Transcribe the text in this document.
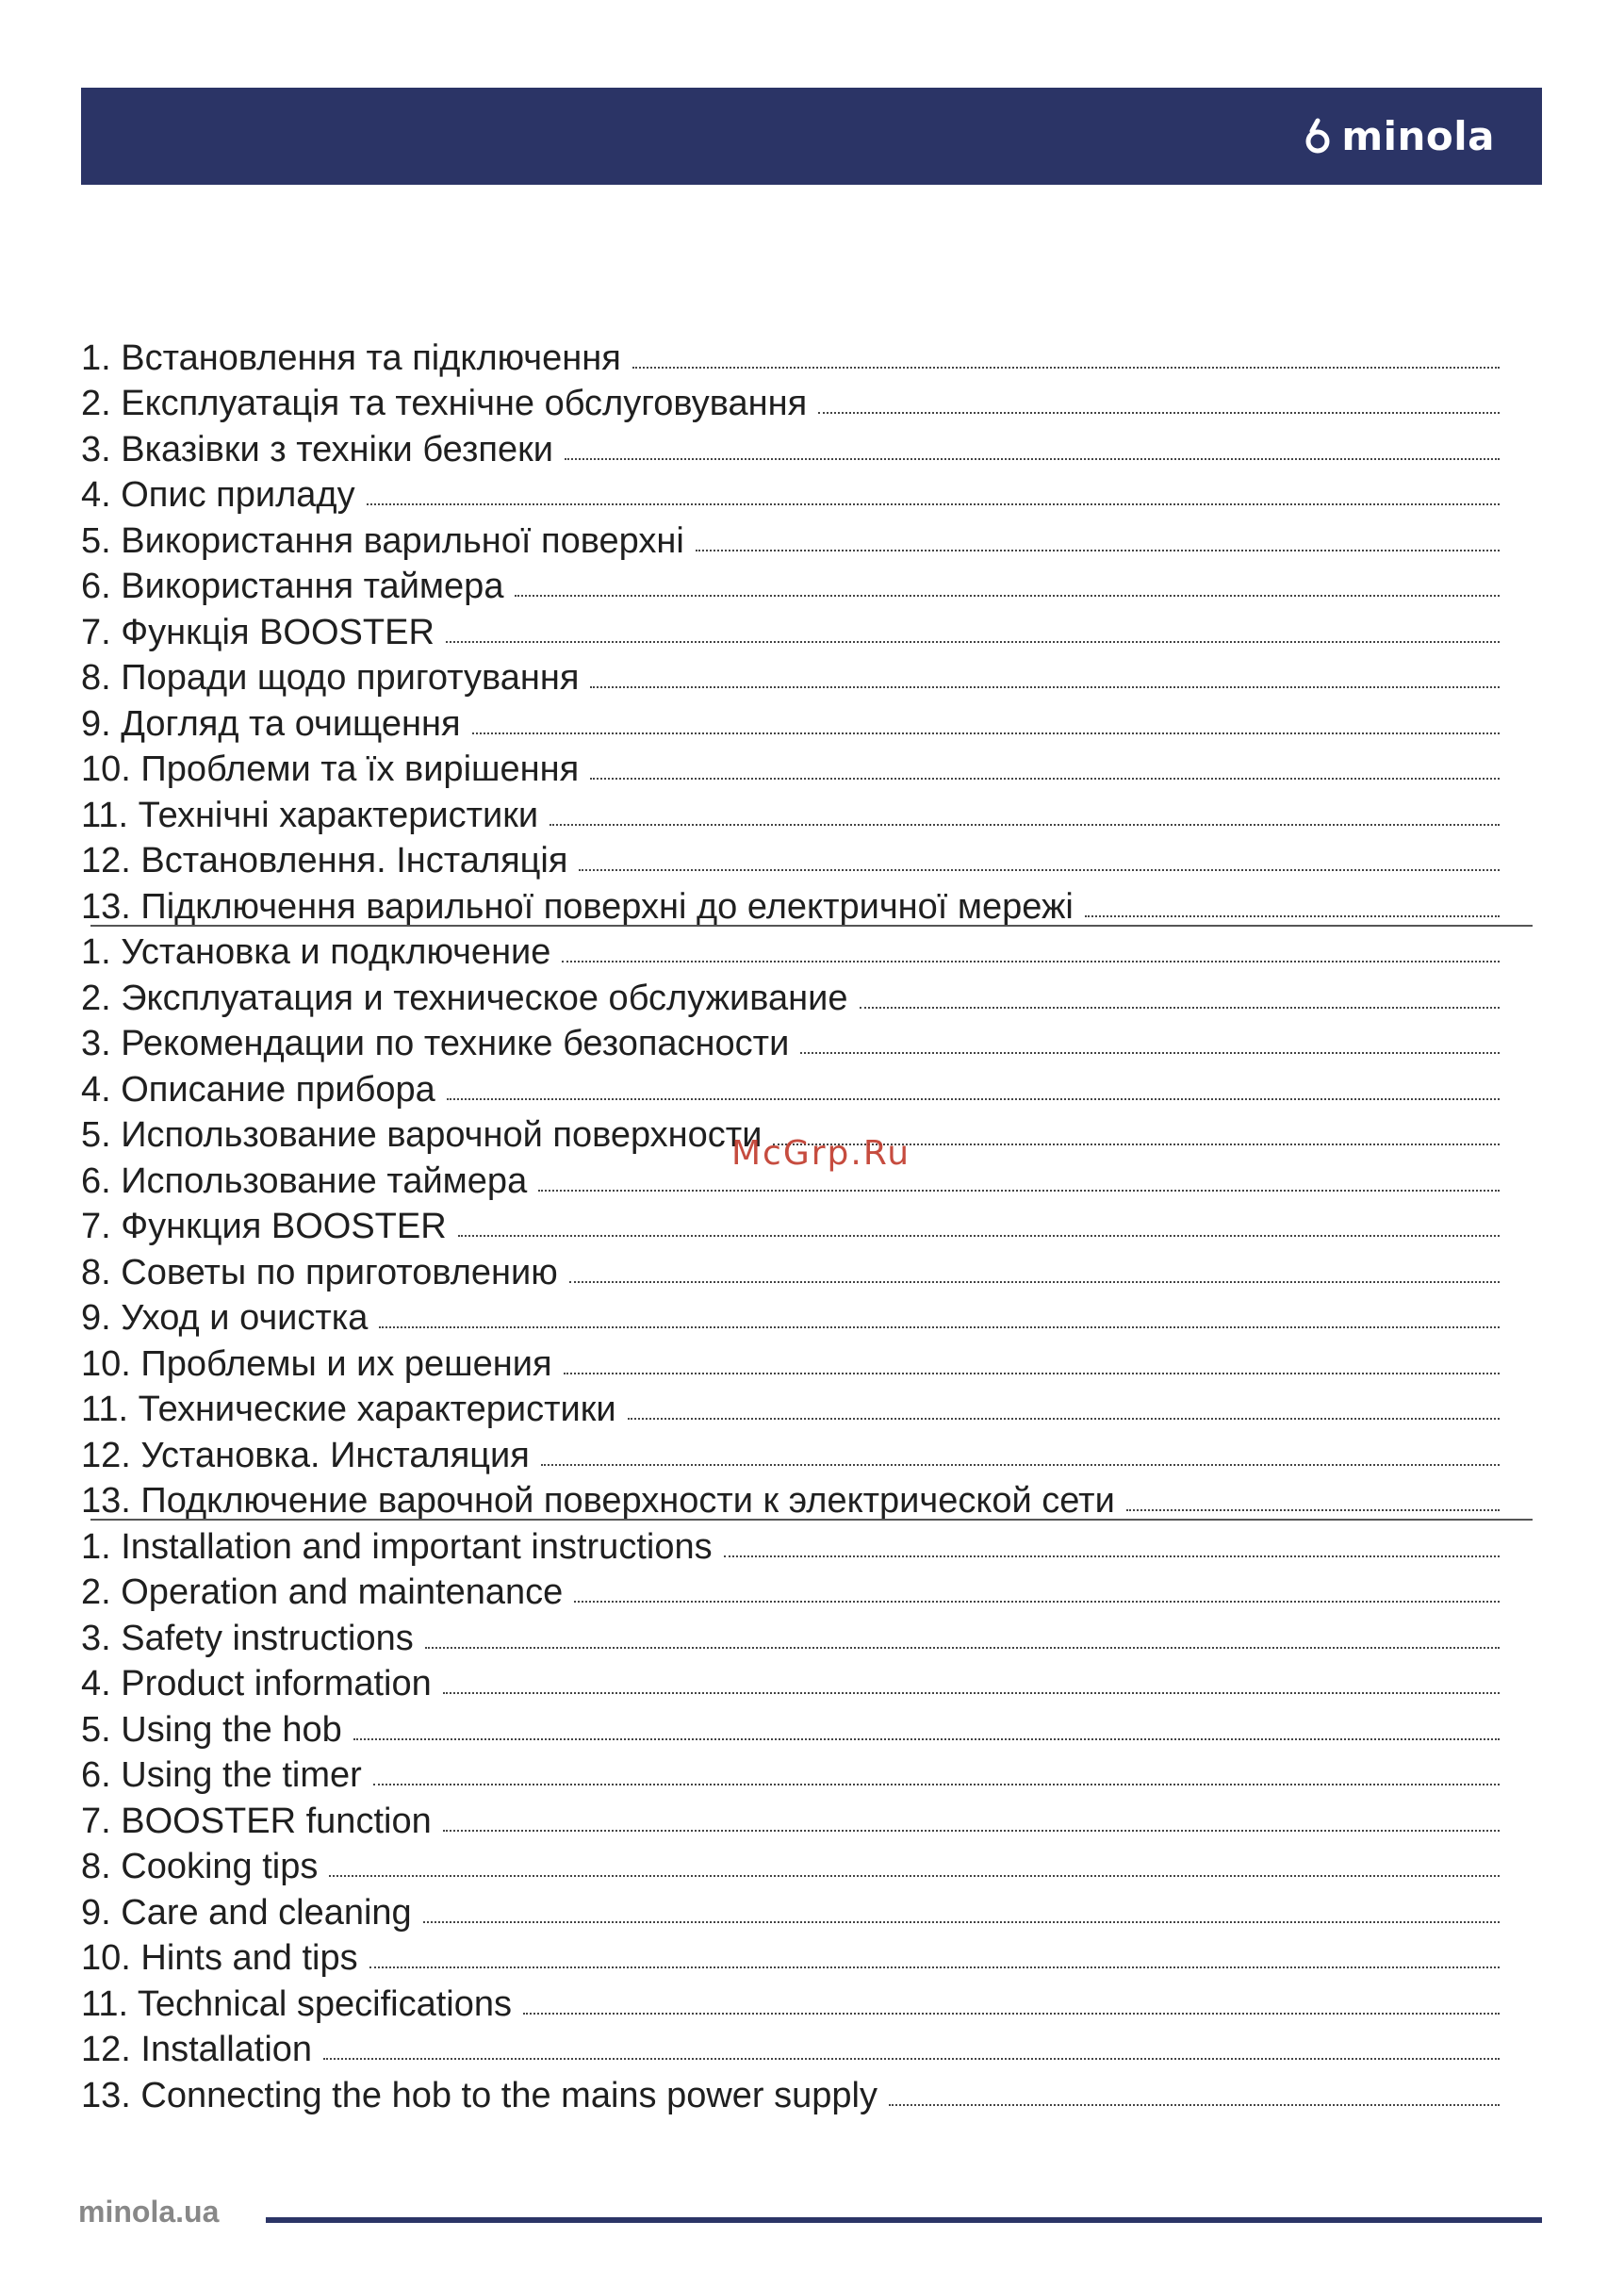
minola
1. Встановлення та підключення
2. Експлуатація та технічне обслуговування
3. Вказівки з техніки безпеки
4. Опис приладу
5. Використання варильної поверхні
6. Використання таймера
7. Функція BOOSTER
8. Поради щодо приготування
9. Догляд та очищення
10. Проблеми та їх вирішення
11. Технічні характеристики
12. Встановлення. Інсталяція
13. Підключення варильної поверхні до електричної мережі
1. Установка и подключение
2. Эксплуатация и техническое обслуживание
3. Рекомендации по технике безопасности
4. Описание прибора
5. Использование варочной поверхности
6. Использование таймера
7. Функция BOOSTER
8. Советы по приготовлению
9. Уход и очистка
10. Проблемы и их решения
11. Технические характеристики
12. Установка. Инсталяция
13. Подключение варочной поверхности к электрической сети
1. Installation and important instructions
2. Operation and maintenance
3. Safety instructions
4. Product information
5. Using the hob
6. Using the timer
7. BOOSTER function
8. Cooking tips
9. Care and cleaning
10. Hints and tips
11. Technical specifications
12. Installation
13. Connecting the hob to the mains power supply
McGrp.Ru
minola.ua
